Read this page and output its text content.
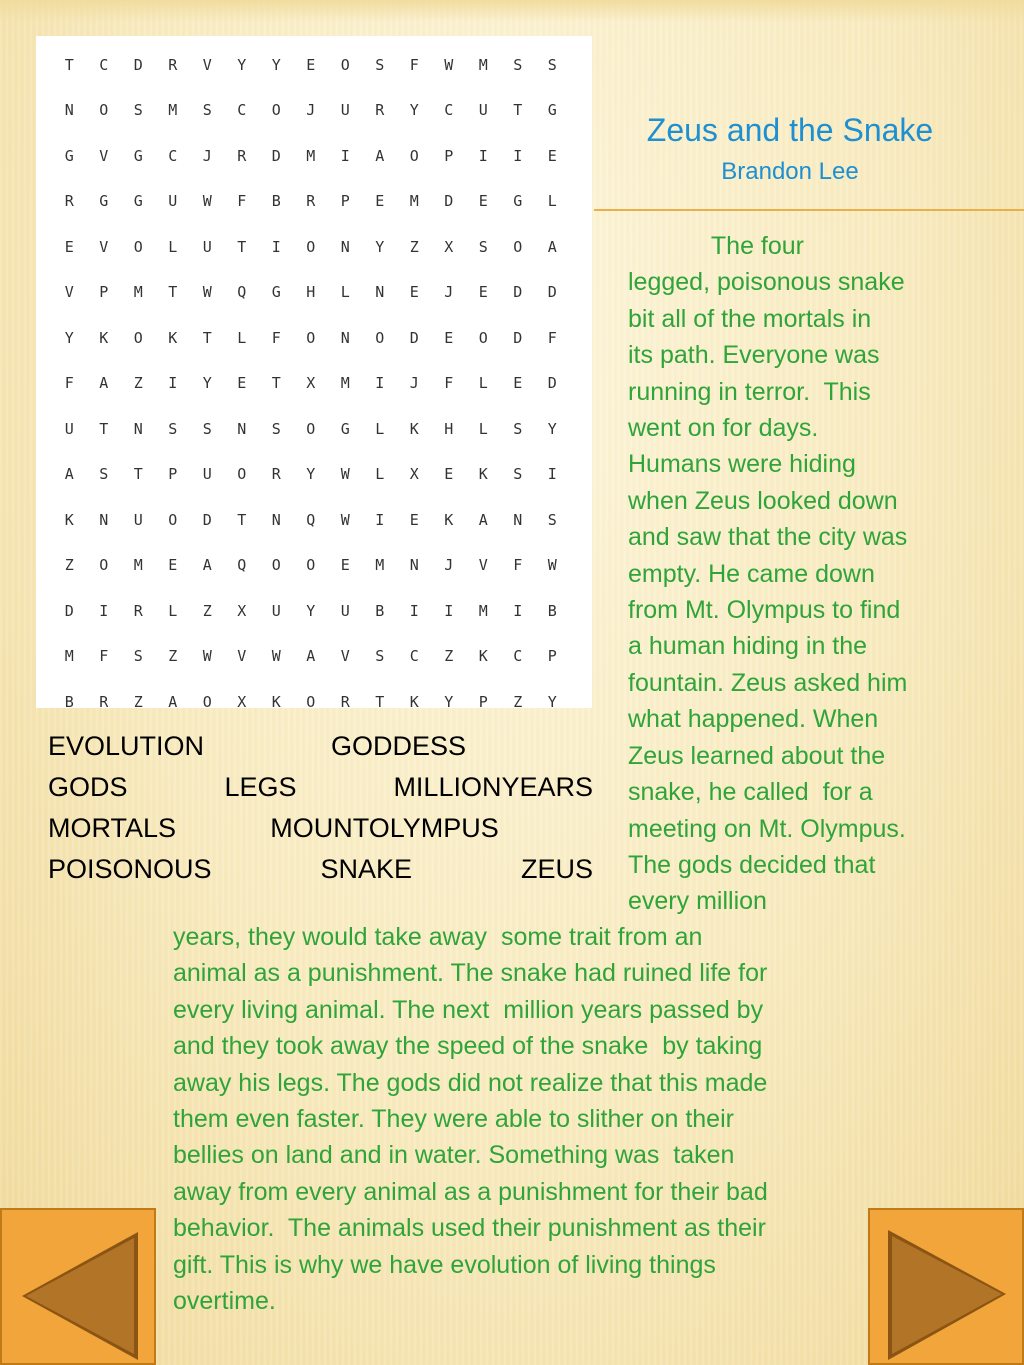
T	C	D	R	V	Y	Y	E	O	S	F	W	M	S	S
N	O	S	M	S	C	O	J	U	R	Y	C	U	T	G
G	V	G	C	J	R	D	M	I	A	O	P	I	I	E
R	G	G	U	W	F	B	R	P	E	M	D	E	G	L
E	V	O	L	U	T	I	O	N	Y	Z	X	S	O	A
V	P	M	T	W	Q	G	H	L	N	E	J	E	D	D
Y	K	O	K	T	L	F	O	N	O	D	E	O	D	F
F	A	Z	I	Y	E	T	X	M	I	J	F	L	E	D
U	T	N	S	S	N	S	O	G	L	K	H	L	S	Y
A	S	T	P	U	O	R	Y	W	L	X	E	K	S	I
K	N	U	O	D	T	N	Q	W	I	E	K	A	N	S
Z	O	M	E	A	Q	O	O	E	M	N	J	V	F	W
D	I	R	L	Z	X	U	Y	U	B	I	I	M	I	B
M	F	S	Z	W	V	W	A	V	S	C	Z	K	C	P
B	R	Z	A	O	X	K	O	R	T	K	Y	P	Z	Y
Zeus and the Snake
Brandon Lee
The four
legged, poisonous snake
bit all of the mortals in
its path. Everyone was
running in terror.  This
went on for days.
Humans were hiding
when Zeus looked down
and saw that the city was
empty. He came down
from Mt. Olympus to find
a human hiding in the
fountain. Zeus asked him
what happened. When
Zeus learned about the
snake, he called  for a
meeting on Mt. Olympus.
The gods decided that
every million
years, they would take away  some trait from an
animal as a punishment. The snake had ruined life for
every living animal. The next  million years passed by
and they took away the speed of the snake  by taking
away his legs. The gods did not realize that this made
them even faster. They were able to slither on their
bellies on land and in water. Something was  taken
away from every animal as a punishment for their bad
behavior.  The animals used their punishment as their
gift. This is why we have evolution of living things
overtime.
EVOLUTION	GODDESS
GODS	LEGS	MILLIONYEARS
MORTALS	MOUNTOLYMPUS
POISONOUS	SNAKE	ZEUS
